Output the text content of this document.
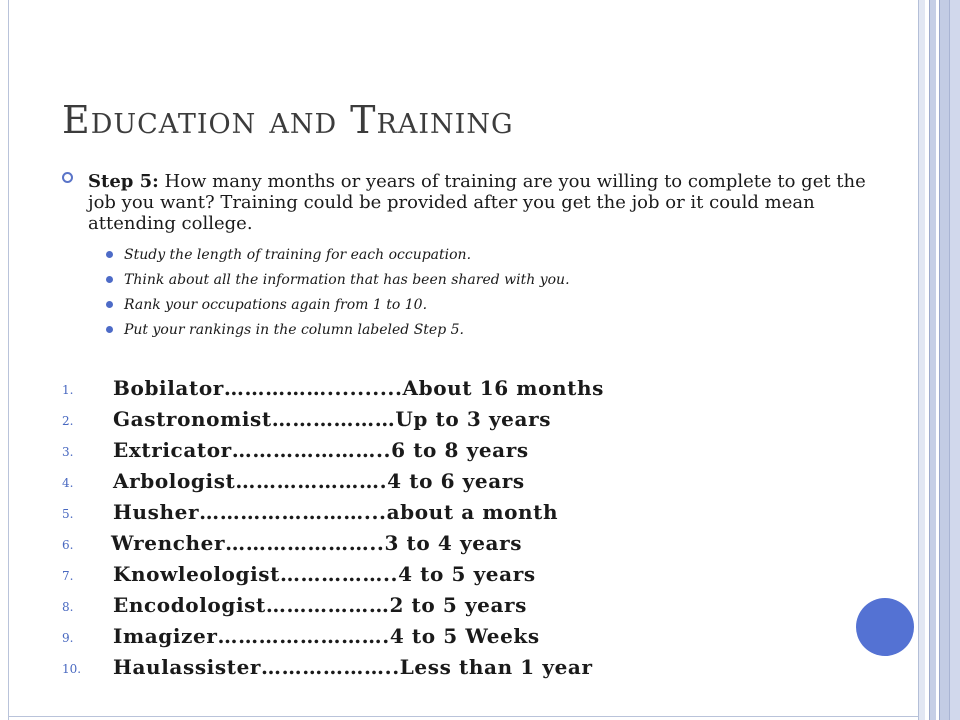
Education and Training

Step 5: How many months or years of training are you willing to complete to get the job you want? Training could be provided after you get the job or it could mean attending college.

Study the length of training for each occupation.
Think about all the information that has been shared with you.
Rank your occupations again from 1 to 10.
Put your rankings in the column labeled Step 5.
1. Bobilator……………..........About 16 months
2. Gastronomist………………Up to 3 years
3. Extricator…………………..6 to 8 years
4. Arbologist………………….4 to 6 years
5. Husher……………………...about a month
6. Wrencher…………………..3 to 4 years
7. Knowleologist……………..4 to 5 years
8. Encodologist………………2 to 5 years
9. Imagizer…………………….4 to 5 Weeks
10. Haulassister………………..Less than 1 year
